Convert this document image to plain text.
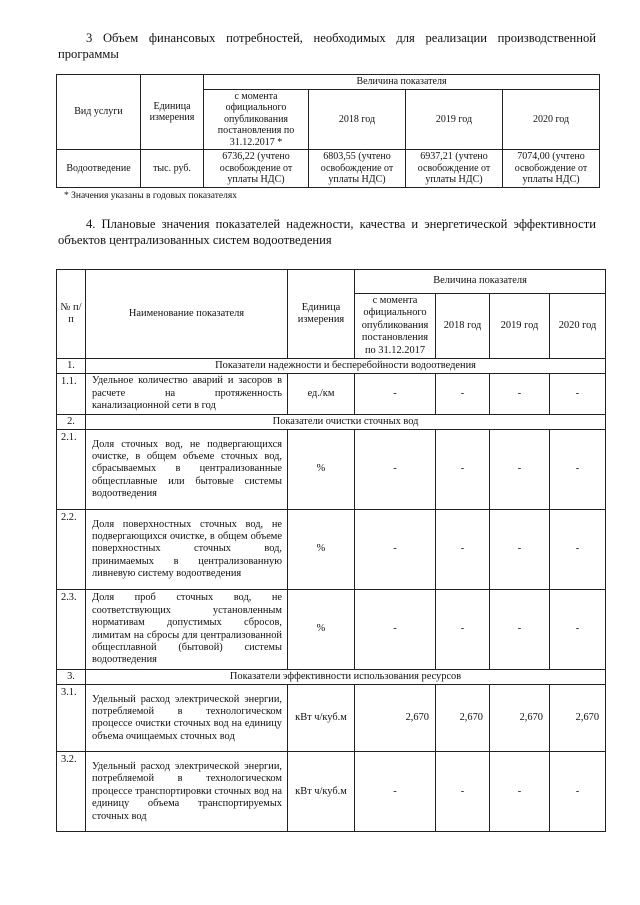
3 Объем финансовых потребностей, необходимых для реализации производственной программы

Вид услуги	Единица измерения	Величина показателя			
		с момента официального опубликования постановления по 31.12.2017 *	2018 год	2019 год	2020 год
Водоотведение	тыс. руб.	6736,22 (учтено освобождение от уплаты НДС)	6803,55 (учтено освобождение от уплаты НДС)	6937,21 (учтено освобождение от уплаты НДС)	7074,00 (учтено освобождение от уплаты НДС)
* Значения указаны в годовых показателях

4. Плановые значения показателей надежности, качества и энергетической эффективности объектов централизованных систем водоотведения

№ п/п	Наименование показателя	Единица измерения	Величина показателя			
			с момента официального опубликования постановления по 31.12.2017	2018 год	2019 год	2020 год
1.	Показатели надежности и бесперебойности водоотведения					
1.1.	Удельное количество аварий и засоров в расчете на протяженность канализационной сети в год	ед./км	-	-	-	-
2.	Показатели очистки сточных вод					
2.1.	Доля сточных вод, не подвергающихся очистке, в общем объеме сточных вод, сбрасываемых в централизованные общесплавные или бытовые системы водоотведения	%	-	-	-	-
2.2.	Доля поверхностных сточных вод, не подвергающихся очистке, в общем объеме поверхностных сточных вод, принимаемых в централизованную ливневую систему водоотведения	%	-	-	-	-
2.3.	Доля проб сточных вод, не соответствующих установленным нормативам допустимых сбросов, лимитам на сбросы для централизованной общесплавной (бытовой) системы водоотведения	%	-	-	-	-
3.	Показатели эффективности использования ресурсов					
3.1.	Удельный расход электрической энергии, потребляемой в технологическом процессе очистки сточных вод на единицу объема очищаемых сточных вод	кВт ч/куб.м	2,670	2,670	2,670	2,670
3.2.	Удельный расход электрической энергии, потребляемой в технологическом процессе транспортировки сточных вод на единицу объема транспортируемых сточных вод	кВт ч/куб.м	-	-	-	-
